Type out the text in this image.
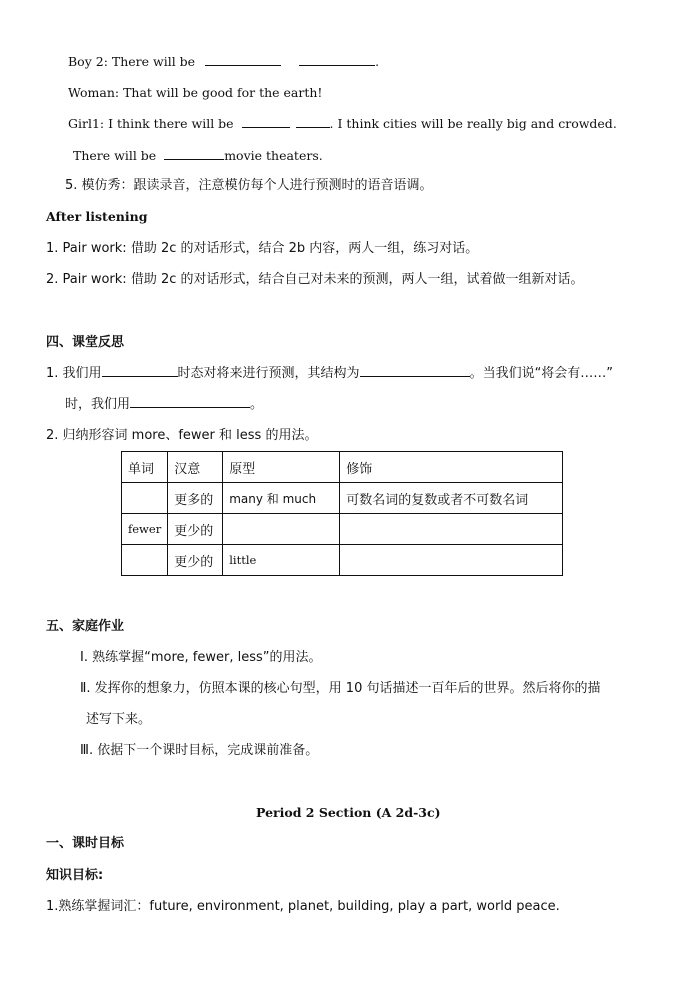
Boy 2: There will be	.
Woman: That will be good for the earth!
Girl1: I think there will be	. I think cities will be really big and crowded.
There will be	movie theaters.
5. 模仿秀：跟读录音，注意模仿每个人进行预测时的语音语调。
After listening
1. Pair work: 借助 2c 的对话形式，结合 2b 内容，两人一组，练习对话。
2. Pair work: 借助 2c 的对话形式，结合自己对未来的预测，两人一组，试着做一组新对话。
四、课堂反思
1. 我们用	时态对将来进行预测，其结构为	。当我们说“将会有……”
时，我们用	。
2. 归纳形容词 more、fewer 和 less 的用法。
单词	汉意	原型	修饰
	更多的	many 和 much	可数名词的复数或者不可数名词
fewer	更少的		
	更少的	little	
五、家庭作业
Ⅰ. 熟练掌握“more, fewer, less”的用法。
Ⅱ. 发挥你的想象力，仿照本课的核心句型，用 10 句话描述一百年后的世界。然后将你的描
述写下来。
Ⅲ. 依据下一个课时目标，完成课前准备。
Period 2 Section (A 2d-3c)
一、课时目标
知识目标:
1.熟练掌握词汇：future, environment, planet, building, play a part, world peace.
